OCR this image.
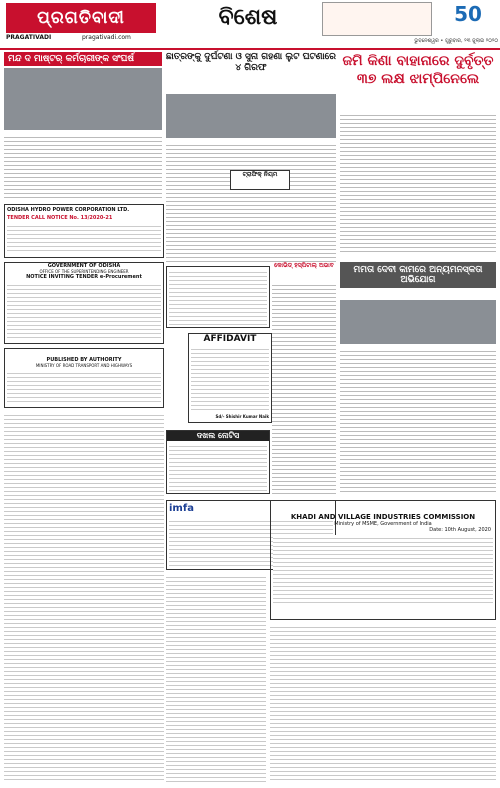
ପ୍ରଗତିବାଦୀ
PRAGATIVADI	pragativadi.com
ବିଶେଷ	50
ଭୁବନେଶ୍ୱର • ଗୁରୁବାର, ୨୩ ଜୁଲାଇ ୨୦୨୦
ମନ୍ଦ ଦ ମାଷ୍ଟର୍ କର୍ମଚାରୀଙ୍କ ସଂଘର୍ଷ
ODISHA HYDRO POWER CORPORATION LTD.
TENDER CALL NOTICE No. 13/2020-21
GOVERNMENT OF ODISHA
OFFICE OF THE SUPERINTENDING ENGINEER
NOTICE INVITING TENDER e-Procurement
PUBLISHED BY AUTHORITY
MINISTRY OF ROAD TRANSPORT AND HIGHWAYS
ଛାତ୍ରଙ୍କୁ ଦୁର୍ଘଟଣା ଓ ସୁନା ଗହଣା ଲୁଟ ଘଟଣାରେ ୪ ଗିରଫ
ଟ୍ରାଫିକ୍ ନିୟମ
AFFIDAVIT
Sd/- Shishir Kumar Naik
ଦଖଲ ନୋଟିସ
imfa
ଜମି କିଣା ବାହାନାରେ ଦୁର୍ବୃତ୍ତ ୩୭ ଲକ୍ଷ ଝାମ୍ପିନେଲେ
କୋଭିଡ୍ ହସ୍ପିଟାଲ୍ ଅଭାବ	ମମତା ଦେବୀ କାମରେ ଅନ୍ୟମନସ୍କତା ଅଭିଯୋଗ
KHADI AND VILLAGE INDUSTRIES COMMISSION
Ministry of MSME, Government of India
Date: 10th August, 2020
